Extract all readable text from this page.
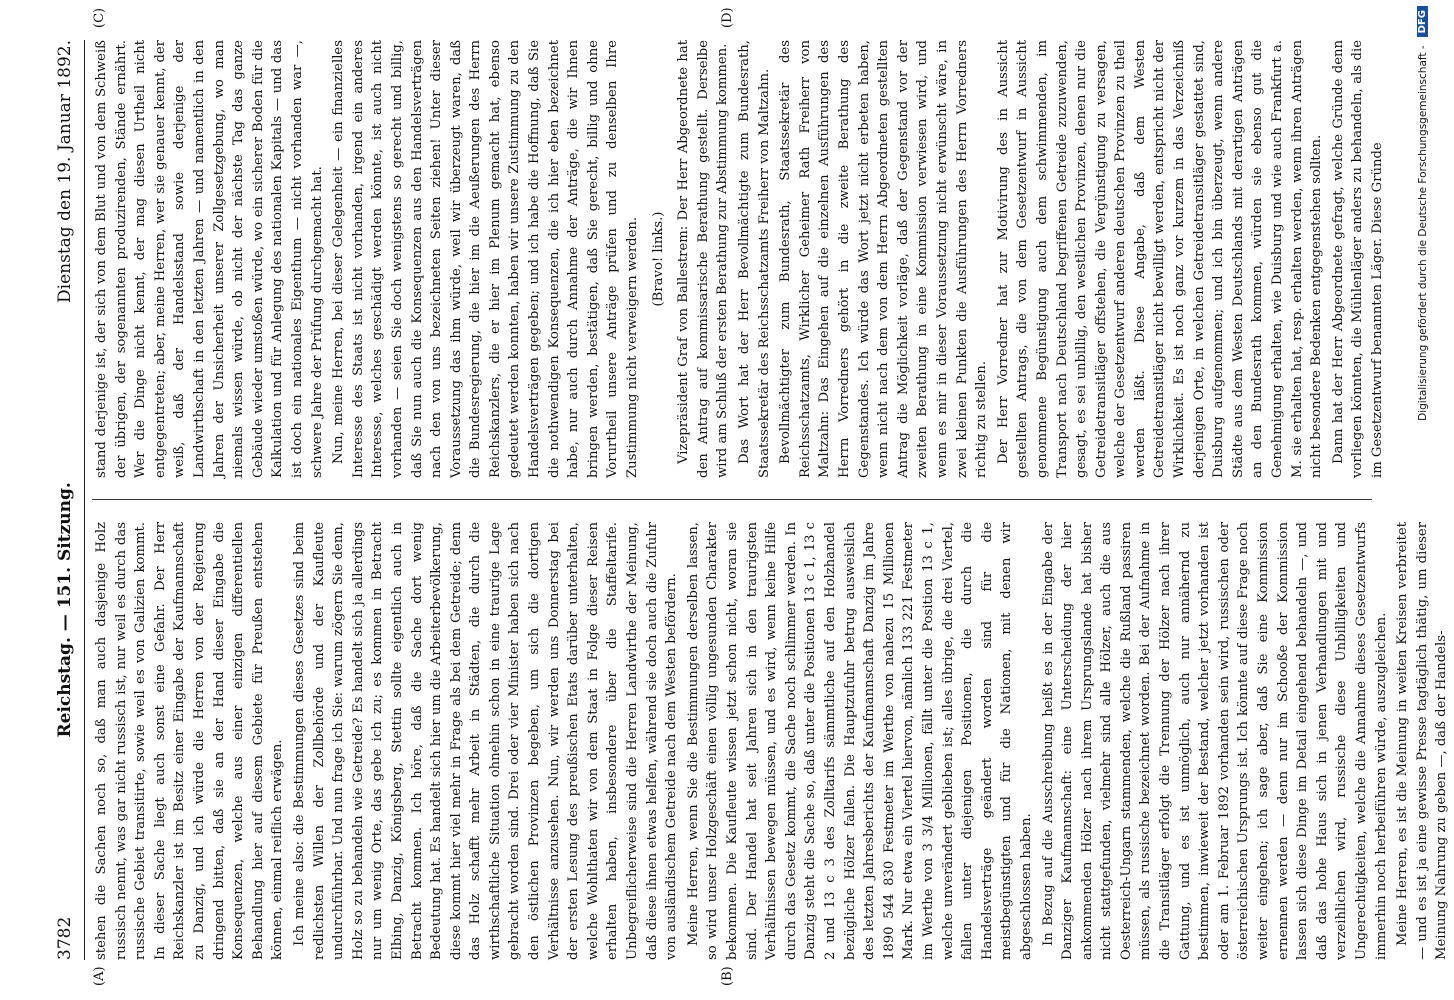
(A)	(B)
(C)	(D)
3782
Reichstag. — 151. Sitzung.
Dienstag den 19. Januar 1892.

stehen die Sachen noch so, daß man auch dasjenige Holz russisch nennt, was gar nicht russisch ist, nur weil es durch das russische Gebiet transitirte, sowie weil es von Galizien kommt. In dieser Sache liegt auch sonst eine Gefahr. Der Herr Reichskanzler ist im Besitz einer Eingabe der Kaufmannschaft zu Danzig, und ich würde die Herren von der Regierung dringend bitten, daß sie an der Hand dieser Eingabe die Konsequenzen, welche aus einer einzigen differentiellen Behandlung hier auf diesem Gebiete für Preußen entstehen können, einmal reiflich erwägen. Ich meine also: die Bestimmungen dieses Gesetzes sind beim redlichsten Willen der Zollbehörde und der Kaufleute undurchführbar. Und nun frage ich Sie: warum zögern Sie denn, Holz so zu behandeln wie Getreide? Es handelt sich ja allerdings nur um wenig Orte, das gebe ich zu; es kommen in Betracht Elbing, Danzig, Königsberg, Stettin sollte eigentlich auch in Betracht kommen. Ich höre, daß die Sache dort wenig Bedeutung hat. Es handelt sich hier um die Arbeiterbevölkerung, diese kommt hier viel mehr in Frage als bei dem Getreide; denn das Holz schafft mehr Arbeit in Städten, die durch die wirthschaftliche Situation ohnehin schon in eine traurige Lage gebracht worden sind. Drei oder vier Minister haben sich nach den östlichen Provinzen begeben, um sich die dortigen Verhältnisse anzusehen. Nun, wir werden uns Donnerstag bei der ersten Lesung des preußischen Etats darüber unterhalten, welche Wohlthaten wir von dem Staat in Folge dieser Reisen erhalten haben, insbesondere über die Staffeltarife. Unbegreiflicherweise sind die Herren Landwirthe der Meinung, daß diese ihnen etwas helfen, während sie doch auch die Zufuhr von ausländischem Getreide nach dem Westen befördern. Meine Herren, wenn Sie die Bestimmungen derselben lassen, so wird unser Holzgeschäft einen völlig ungesunden Charakter bekommen. Die Kaufleute wissen jetzt schon nicht, woran sie sind. Der Handel hat seit Jahren sich in den traurigsten Verhältnissen bewegen müssen, und es wird, wenn keine Hilfe durch das Gesetz kommt, die Sache noch schlimmer werden. In Danzig steht die Sache so, daß unter die Positionen 13 c 1, 13 c 2 und 13 c 3 des Zolltarifs sämmtliche auf den Holzhandel bezügliche Hölzer fallen. Die Hauptzufuhr betrug ausweislich des letzten Jahresberichts der Kaufmannschaft Danzig im Jahre 1890 544 830 Festmeter im Werthe von nahezu 15 Millionen Mark. Nur etwa ein Viertel hiervon, nämlich 133 221 Festmeter im Werthe von 3 3/4 Millionen, fällt unter die Position 13 c 1, welche unverändert geblieben ist; alles übrige, die drei Viertel, fallen unter diejenigen Positionen, die durch die Handelsverträge geändert worden sind für die meistbegünstigten und für die Nationen, mit denen wir abgeschlossen haben. In Bezug auf die Ausschreibung heißt es in der Eingabe der Danziger Kaufmannschaft: eine Unterscheidung der hier ankommenden Hölzer nach ihrem Ursprungslande hat bisher nicht stattgefunden, vielmehr sind alle Hölzer, auch die aus Oesterreich-Ungarn stammenden, welche die Rußland passiren müssen, als russische bezeichnet worden. Bei der Aufnahme in die Transitläger erfolgt die Trennung der Hölzer nach ihrer Gattung, und es ist unmöglich, auch nur annähernd zu bestimmen, inwieweit der Bestand, welcher jetzt vorhanden ist oder am 1. Februar 1892 vorhanden sein wird, russischen oder österreichischen Ursprungs ist. Ich könnte auf diese Frage noch weiter eingehen; ich sage aber, daß Sie eine Kommission ernennen werden — denn nur im Schooße der Kommission lassen sich diese Dinge im Detail eingehend behandeln —, und daß das hohe Haus sich in jenen Verhandlungen mit und verzeihlichen wird, russische diese Unbilligkeiten und Ungerechtigkeiten, welche die Annahme dieses Gesetzentwurfs immerhin noch herbeiführen würde, auszugleichen. Meine Herren, es ist die Meinung in weiten Kreisen verbreitet — und es ist ja eine gewisse Presse tagtäglich thätig, um dieser Meinung Nahrung zu geben —, daß der Handels-

stand derjenige ist, der sich von dem Blut und von dem Schweiß der übrigen, der sogenannten produzirenden, Stände ernährt. Wer die Dinge nicht kennt, der mag diesen Urtheil nicht entgegentreten; aber, meine Herren, wer sie genauer kennt, der weiß, daß der Handelsstand sowie derjenige der Landwirthschaft in den letzten Jahren — und namentlich in den Jahren der Unsicherheit unserer Zollgesetzgebung, wo man niemals wissen würde, ob nicht der nächste Tag das ganze Gebäude wieder umstoßen würde, wo ein sicherer Boden für die Kalkulation und für Anlegung des nationalen Kapitals — und das ist doch ein nationales Eigenthum — nicht vorhanden war —, schwere Jahre der Prüfung durchgemacht hat. Nun, meine Herren, bei dieser Gelegenheit — ein finanzielles Interesse des Staats ist nicht vorhanden, irgend ein anderes Interesse, welches geschädigt werden könnte, ist auch nicht vorhanden — seien Sie doch wenigstens so gerecht und billig, daß Sie nun auch die Konsequenzen aus den Handelsverträgen nach den von uns bezeichneten Seiten ziehen! Unter dieser Voraussetzung das ihm würde, weil wir überzeugt waren, daß die Bundesregierung, die hier im die Aeußerungen des Herrn Reichskanzlers, die er hier im Plenum gemacht hat, ebenso gedeutet werden konnten, haben wir unsere Zustimmung zu den Handelsverträgen gegeben; und ich habe die Hoffnung, daß Sie die nothwendigen Konsequenzen, die ich hier eben bezeichnet habe, nur auch durch Annahme der Anträge, die wir Ihnen bringen werden, bestätigen, daß Sie gerecht, billig und ohne Vorurtheil unsere Anträge prüfen und zu denselben Ihre Zustimmung nicht verweigern werden. (Bravo! links.) Vizepräsident Graf von Ballestrem: Der Herr Abgeordnete hat den Antrag auf kommissarische Berathung gestellt. Derselbe wird am Schluß der ersten Berathung zur Abstimmung kommen. Das Wort hat der Herr Bevollmächtigte zum Bundesrath, Staatssekretär des Reichsschatzamts Freiherr von Maltzahn. Bevollmächtigter zum Bundesrath, Staatssekretär des Reichsschatzamts, Wirklicher Geheimer Rath Freiherr von Maltzahn: Das Eingehen auf die einzelnen Ausführungen des Herrn Vorredners gehört in die zweite Berathung des Gegenstandes. Ich würde das Wort jetzt nicht erbeten haben, wenn nicht nach dem von dem Herrn Abgeordneten gestellten Antrag die Möglichkeit vorläge, daß der Gegenstand vor der zweiten Berathung in eine Kommission verwiesen wird, und wenn es mir in dieser Voraussetzung nicht erwünscht wäre, in zwei kleinen Punkten die Ausführungen des Herrn Vorredners richtig zu stellen. Der Herr Vorredner hat zur Motivirung des in Aussicht gestellten Antrags, die von dem Gesetzentwurf in Aussicht genommene Begünstigung auch dem schwimmenden, im Transport nach Deutschland begriffenen Getreide zuzuwenden, gesagt, es sei unbillig, den westlichen Provinzen, denen nur die Getreidetransitläger offstehen, die Vergünstigung zu versagen, welche der Gesetzentwurf anderen deutschen Provinzen zu theil werden läßt. Diese Angabe, daß dem Westen Getreidetransitläger nicht bewilligt werden, entspricht nicht der Wirklichkeit. Es ist noch ganz vor kurzem in das Verzeichniß derjenigen Orte, in welchen Getreidetransitläger gestattet sind, Duisburg aufgenommen; und ich bin überzeugt, wenn andere Städte aus dem Westen Deutschlands mit derartigen Anträgen an den Bundesrath kommen, würden sie ebenso gut die Genehmigung erhalten, wie Duisburg und wie auch Frankfurt a. M. sie erhalten hat, resp. erhalten werden, wenn ihren Anträgen nicht besondere Bedenken entgegenstehen sollten. Dann hat der Herr Abgeordnete gefragt, welche Gründe denn vorliegen könnten, die Mühlenläger anders zu behandeln, als die im Gesetzentwurf benannten Läger. Diese Gründe	Digitalisierung gefördert durch die Deutsche Forschungsgemeinschaft -
DFG
